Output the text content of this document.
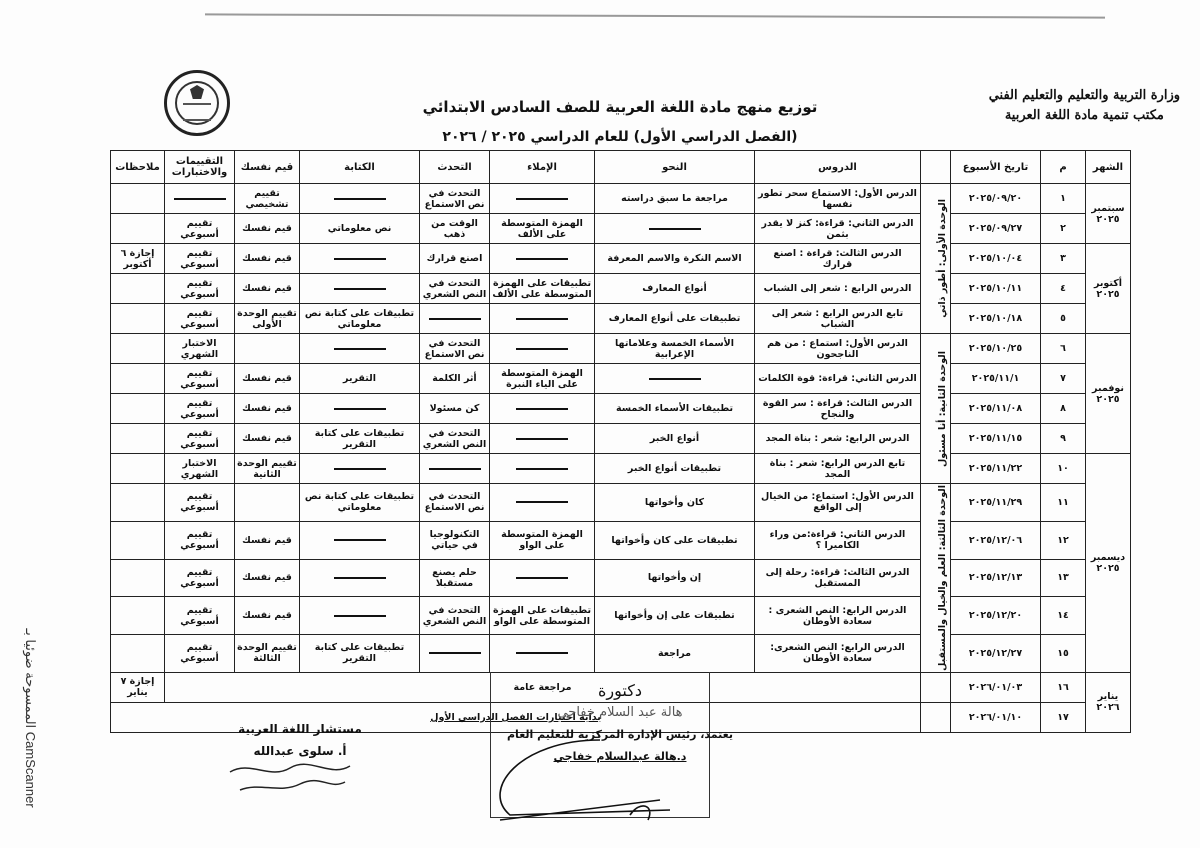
توزيع منهج مادة اللغة العربية للصف السادس الابتدائي
(الفصل الدراسي الأول) للعام الدراسي ٢٠٢٥ / ٢٠٢٦
وزارة التربية والتعليم والتعليم الفني
مكتب تنمية مادة اللغة العربية
الشهر	م	تاريخ الأسبوع		الدروس	النحو	الإملاء	التحدث	الكتابة	قيم نفسك	التقييمات والاختبارات	ملاحظات
سبتمبر ٢٠٢٥	١	٢٠٢٥/٠٩/٢٠	الوحدة الأولى: أطور ذاتي	الدرس الأول: الاستماع سحر تطور نفسها	مراجعة ما سبق دراسته		التحدث في نص الاستماع		تقييم تشخيصي		
	٢	٢٠٢٥/٠٩/٢٧		الدرس الثاني: قراءة: كنز لا يقدر بثمن		الهمزة المتوسطة على الألف	الوقت من ذهب	نص معلوماتي	قيم نفسك	تقييم أسبوعي	
أكتوبر ٢٠٢٥	٣	٢٠٢٥/١٠/٠٤		الدرس الثالث: قراءة : اصنع قرارك	الاسم النكرة والاسم المعرفة		اصنع قرارك		قيم نفسك	تقييم أسبوعي	إجازة ٦ أكتوبر
	٤	٢٠٢٥/١٠/١١		الدرس الرابع : شعر إلى الشباب	أنواع المعارف	تطبيقات على الهمزة المتوسطة على الألف	التحدث في النص الشعري		قيم نفسك	تقييم أسبوعي	
	٥	٢٠٢٥/١٠/١٨		تابع الدرس الرابع : شعر إلى الشباب	تطبيقات على أنواع المعارف			تطبيقات على كتابة نص معلوماتي	تقييم الوحدة الأولى	تقييم أسبوعي	
نوفمبر ٢٠٢٥	٦	٢٠٢٥/١٠/٢٥	الوحدة الثانية: أنا مسئول	الدرس الأول: استماع : من هم الناجحون	الأسماء الخمسة وعلاماتها الإعرابية		التحدث في نص الاستماع			الاختبار الشهري	
	٧	٢٠٢٥/١١/١		الدرس الثاني: قراءة: قوة الكلمات		الهمزة المتوسطة على الياء النبرة	أثر الكلمة	التقرير	قيم نفسك	تقييم أسبوعي	
	٨	٢٠٢٥/١١/٠٨		الدرس الثالث: قراءة : سر القوة والنجاح	تطبيقات الأسماء الخمسة		كن مسئولا		قيم نفسك	تقييم أسبوعي	
	٩	٢٠٢٥/١١/١٥		الدرس الرابع: شعر : بناة المجد	أنواع الخبر		التحدث في النص الشعري	تطبيقات على كتابة التقرير	قيم نفسك	تقييم أسبوعي	
ديسمبر ٢٠٢٥	١٠	٢٠٢٥/١١/٢٢		تابع الدرس الرابع: شعر : بناة المجد	تطبيقات أنواع الخبر				تقييم الوحدة الثانية	الاختبار الشهري	
	١١	٢٠٢٥/١١/٢٩	الوحدة الثالثة: العلم والخيال والمستقبل	الدرس الأول: استماع: من الخيال إلى الواقع	كان وأخواتها		التحدث في نص الاستماع	تطبيقات على كتابة نص معلوماتي		تقييم أسبوعي	
	١٢	٢٠٢٥/١٢/٠٦		الدرس الثاني: قراءة:من وراء الكاميرا ؟	تطبيقات على كان وأخواتها	الهمزة المتوسطة على الواو	التكنولوجيا في حياتي		قيم نفسك	تقييم أسبوعي	
	١٣	٢٠٢٥/١٢/١٣		الدرس الثالث: قراءة: رحلة إلى المستقبل	إن وأخواتها		حلم يصنع مستقبلا		قيم نفسك	تقييم أسبوعي	
	١٤	٢٠٢٥/١٢/٢٠		الدرس الرابع: النص الشعرى : سعادة الأوطان	تطبيقات على إن وأخواتها	تطبيقات على الهمزة المتوسطة على الواو	التحدث في النص الشعري		قيم نفسك	تقييم أسبوعي	
	١٥	٢٠٢٥/١٢/٢٧		الدرس الرابع: النص الشعرى: سعادة الأوطان	مراجعة			تطبيقات على كتابة التقرير	تقييم الوحدة الثالثة	تقييم أسبوعي	
يناير ٢٠٢٦	١٦	٢٠٢٦/٠١/٠٣		مراجعة عامة							إجازة ٧ يناير
	١٧	٢٠٢٦/٠١/١٠		بداية اختبارات الفصل الدراسي الأول							
مستشار اللغة العربية
أ. سلوى عبدالله
دكتورة
هالة عبد السلام خفاجي
يعتمد، رئيس الإدارة المركزية للتعليم العام
د.هالة عبدالسلام خفاجي
الممسوحة ضوئيا بـ CamScanner
